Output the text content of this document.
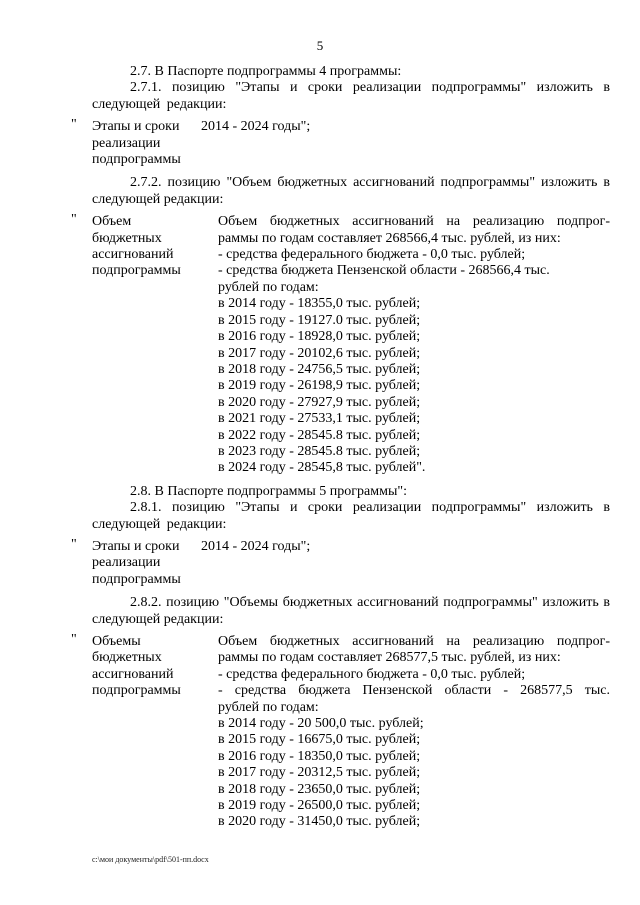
5

2.7. В Паспорте подпрограммы 4 программы:

2.7.1. позицию "Этапы и сроки реализации подпрограммы" изложить в следующей редакции:

" Этапы и сроки
реализации
подпрограммы
2014 - 2024 годы";

2.7.2. позицию "Объем бюджетных ассигнований подпрограммы" изложить в следующей редакции:

" Объем
бюджетных
ассигнований
подпрограммы
Объем бюджетных ассигнований на реализацию подпрог-
раммы по годам составляет 268566,4 тыс. рублей, из них:
- средства федерального бюджета - 0,0 тыс. рублей;
- средства бюджета Пензенской области - 268566,4 тыс.
рублей по годам:
в 2014 году - 18355,0 тыс. рублей;
в 2015 году - 19127.0 тыс. рублей;
в 2016 году - 18928,0 тыс. рублей;
в 2017 году - 20102,6 тыс. рублей;
в 2018 году - 24756,5 тыс. рублей;
в 2019 году - 26198,9 тыс. рублей;
в 2020 году - 27927,9 тыс. рублей;
в 2021 году - 27533,1 тыс. рублей;
в 2022 году - 28545.8 тыс. рублей;
в 2023 году - 28545.8 тыс. рублей;
в 2024 году - 28545,8 тыс. рублей".

2.8. В Паспорте подпрограммы 5 программы":

2.8.1. позицию "Этапы и сроки реализации подпрограммы" изложить в следующей редакции:

" Этапы и сроки
реализации
подпрограммы
2014 - 2024 годы";

2.8.2. позицию "Объемы бюджетных ассигнований подпрограммы" изложить в следующей редакции:

" Объемы
бюджетных
ассигнований
подпрограммы
Объем бюджетных ассигнований на реализацию подпрог-
раммы по годам составляет 268577,5 тыс. рублей, из них:
- средства федерального бюджета - 0,0 тыс. рублей;
- средства бюджета Пензенской области - 268577,5 тыс.
рублей по годам:
в 2014 году - 20 500,0 тыс. рублей;
в 2015 году - 16675,0 тыс. рублей;
в 2016 году - 18350,0 тыс. рублей;
в 2017 году - 20312,5 тыс. рублей;
в 2018 году - 23650,0 тыс. рублей;
в 2019 году - 26500,0 тыс. рублей;
в 2020 году - 31450,0 тыс. рублей;
c:\мои документы\pdf\501-пп.docx
